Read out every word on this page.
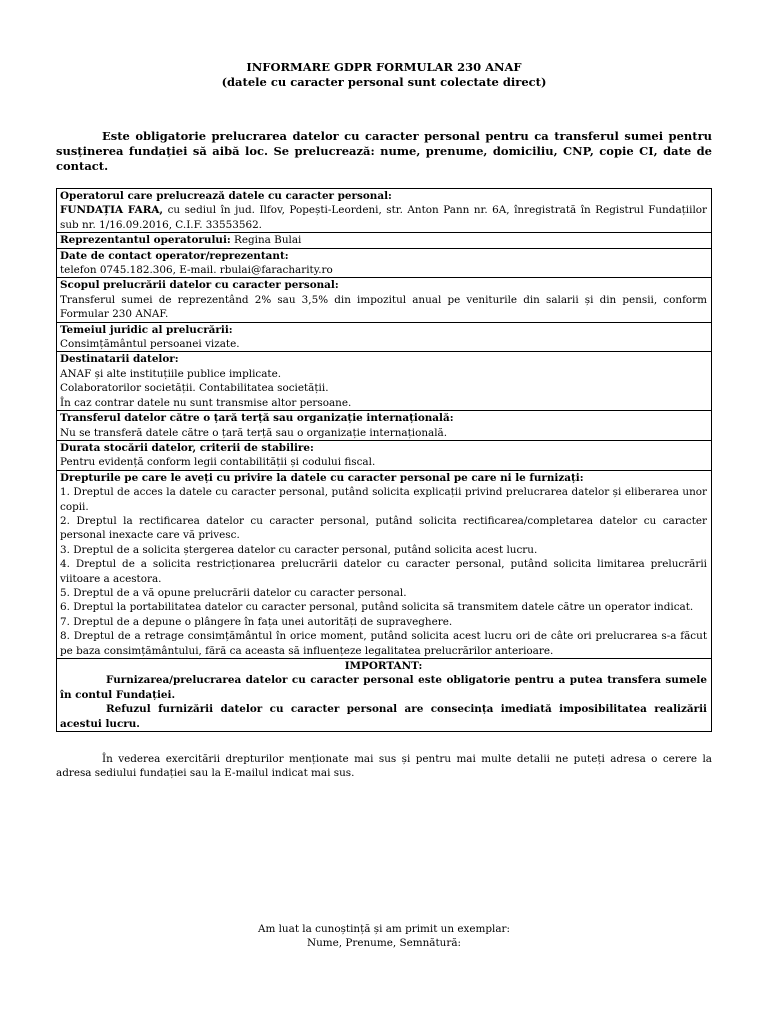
INFORMARE GDPR FORMULAR 230 ANAF
(datele cu caracter personal sunt colectate direct)
Este obligatorie prelucrarea datelor cu caracter personal pentru ca transferul sumei pentru susținerea fundației să aibă loc. Se prelucrează: nume, prenume, domiciliu, CNP, copie CI, date de contact.
Operatorul care prelucrează datele cu caracter personal:
FUNDAȚIA FARA, cu sediul în jud. Ilfov, Popești-Leordeni, str. Anton Pann nr. 6A, înregistrată în Registrul Fundațiilor sub nr. 1/16.09.2016, C.I.F. 33553562.
Reprezentantul operatorului: Regina Bulai

Date de contact operator/reprezentant:
telefon 0745.182.306, E-mail. rbulai@faracharity.ro

Scopul prelucrării datelor cu caracter personal:
Transferul sumei de reprezentând 2% sau 3,5% din impozitul anual pe veniturile din salarii și din pensii, conform Formular 230 ANAF.

Temeiul juridic al prelucrării:
Consimțământul persoanei vizate.

Destinatarii datelor:
ANAF și alte instituțiile publice implicate.
Colaboratorilor societății. Contabilitatea societății.
În caz contrar datele nu sunt transmise altor persoane.

Transferul datelor către o țară terță sau organizație internațională:
Nu se transferă datele către o țară terță sau o organizație internațională.

Durata stocării datelor, criterii de stabilire:
Pentru evidență conform legii contabilității și codului fiscal.

Drepturile pe care le aveți cu privire la datele cu caracter personal pe care ni le furnizați:
1. Dreptul de acces la datele cu caracter personal, putând solicita explicații privind prelucrarea datelor și eliberarea unor copii.
2. Dreptul la rectificarea datelor cu caracter personal, putând solicita rectificarea/completarea datelor cu caracter personal inexacte care vă privesc.
3. Dreptul de a solicita ștergerea datelor cu caracter personal, putând solicita acest lucru.
4. Dreptul de a solicita restricționarea prelucrării datelor cu caracter personal, putând solicita limitarea prelucrării viitoare a acestora.
5. Dreptul de a vă opune prelucrării datelor cu caracter personal.
6. Dreptul la portabilitatea datelor cu caracter personal, putând solicita să transmitem datele către un operator indicat.
7. Dreptul de a depune o plângere în fața unei autorități de supraveghere.
8. Dreptul de a retrage consimțământul în orice moment, putând solicita acest lucru ori de câte ori prelucrarea s-a făcut pe baza consimțământului, fără ca aceasta să influențeze legalitatea prelucrărilor anterioare.

IMPORTANT:
Furnizarea/prelucrarea datelor cu caracter personal este obligatorie pentru a putea transfera sumele în contul Fundației.
Refuzul furnizării datelor cu caracter personal are consecința imediată imposibilitatea realizării acestui lucru.
În vederea exercitării drepturilor menționate mai sus și pentru mai multe detalii ne puteți adresa o cerere la adresa sediului fundației sau la E-mailul indicat mai sus.
Am luat la cunoștință și am primit un exemplar:
Nume, Prenume, Semnătură:
